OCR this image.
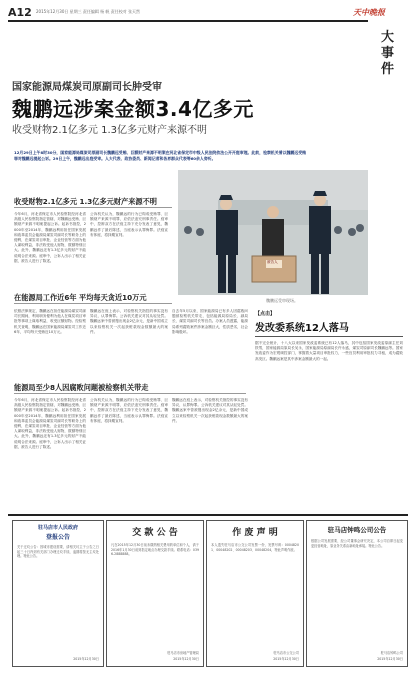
A12 2015年12月30日 星期三 责任编辑 杨 帆 责任校对 张天然	天中晚报
大事件
国家能源局煤炭司原副司长肿受审
魏鹏远涉案金额3.4亿多元
收受财物2.1亿多元 1.3亿多元财产来源不明
12月29日上午8时30分，国家能源局煤炭司原副司长魏鹏远受贿、巨额财产来源不明案在河北省保定市中级人民法院依法公开开庭审理。此前，检察机关曾以魏鹏远受贿罪对魏鹏远提起公诉。29日上午，魏鹏远出庭受审。人大代表、政协委员、新闻记者和各界群众代表等60余人旁听。
收受财物2.1亿多元 1.3亿多元财产来源不明
今年6月，河北省保定市人民检察院经河北省高级人民检察院指定管辖，对魏鹏远受贿、巨额财产来源不明案提起公诉。起诉书指控，2000年至2014年，魏鹏远利用担任国家发展和改革委员会能源局煤炭司副司长等职务上的便利，在煤炭项目审批、企业经营等方面为他人谋取利益，非法收受他人财物，数额特别巨大。此外，魏鹏远还有1.3亿多元的财产不能说明合法来源。庭审中，公诉人出示了相关证据，被告人进行了陈述。
公诉机关认为，魏鹏远的行为已构成受贿罪、巨额财产来源不明罪，应依法追究刑事责任。庭审中，控辩双方在法庭主持下充分发表了意见，魏鹏远作了最后陈述，当庭表示认罪悔罪。法庭宣布休庭，将择期宣判。
被告人
魏鹏远受审现场。
在能源局工作近6年 平均每天贪近10万元
依照法律规定，魏鹏远在担任能源局煤炭司副司长期间，利用职务便利为他人在煤炭项目审批等事项上谋取利益，收受巨额财物。经检察机关查明，魏鹏远在国家能源局煤炭司工作近6年，平均每天受贿近10万元。
魏鹏远在庭上表示，对检察机关指控的事实没有异议，认罪悔罪。公诉机关建议对其从轻处罚。魏鹏远家中曾被搜出现金2亿余元，是新中国成立以来检察机关一次起获赃款现金数额最大的案件。
自去年5月以来，国家能源局已有多人因腐败问题被检察机关带走，包括能源局原局长、副局长、煤炭司副司长等官员。办案人员透露，能源局系列腐败案件涉案金额巨大，性质恶劣，社会影响极坏。
能源局至少8人因腐败问题被检察机关带走
今年6月，河北省保定市人民检察院经河北省高级人民检察院指定管辖，对魏鹏远受贿、巨额财产来源不明案提起公诉。起诉书指控，2000年至2014年，魏鹏远利用担任国家发展和改革委员会能源局煤炭司副司长等职务上的便利，在煤炭项目审批、企业经营等方面为他人谋取利益，非法收受他人财物，数额特别巨大。此外，魏鹏远还有1.3亿多元的财产不能说明合法来源。庭审中，公诉人出示了相关证据，被告人进行了陈述。
公诉机关认为，魏鹏远的行为已构成受贿罪、巨额财产来源不明罪，应依法追究刑事责任。庭审中，控辩双方在法庭主持下充分发表了意见，魏鹏远作了最后陈述，当庭表示认罪悔罪。法庭宣布休庭，将择期宣判。
魏鹏远在庭上表示，对检察机关指控的事实没有异议，认罪悔罪。公诉机关建议对其从轻处罚。魏鹏远家中曾被搜出现金2亿余元，是新中国成立以来检察机关一次起获赃款现金数额最大的案件。
【点击】
发改委系统12人落马
据不完全统计，十八大以来国家发改委系统已有12人落马，其中包括国家发改委原副主任刘铁男，国家能源局原局长吴永，国家能源局原副局长许永盛，煤炭司原副司长魏鹏远等。国家发改委作为宏观调控部门，掌握着大量项目审批权力，一些官员利用审批权力寻租，成为腐败高发区。魏鹏远案是其中涉案金额最大的一起。
驻马店市人民政府
登报公告
关于迁坟公告：因城市建设需要，请相关坟主于公告之日起三十日内到有关部门办理迁坟手续，逾期将按无主坟处理。特此公告。
2015年12月30日
交 款 公 告
凡在2015年12月30日前未缴纳相关费用的单位和个人，请于2016年1月30日前到指定地点办理交款手续。联系电话：0396-2888888。
驻马店市房地产管理局
2015年12月30日
作 废 声 明
本人遗失驻马店市公交公司发票一份，发票号码：00048201、00048202、00048203、00048204，特此声明作废。
驻马店市公交公司
2015年12月30日
驻马店钟鸣公司公告
根据公司发展需要，经公司董事会研究决定，本公司自即日起变更经营地址，原业务关系由新地址承接。特此公告。
驻马店钟鸣公司
2015年12月30日
